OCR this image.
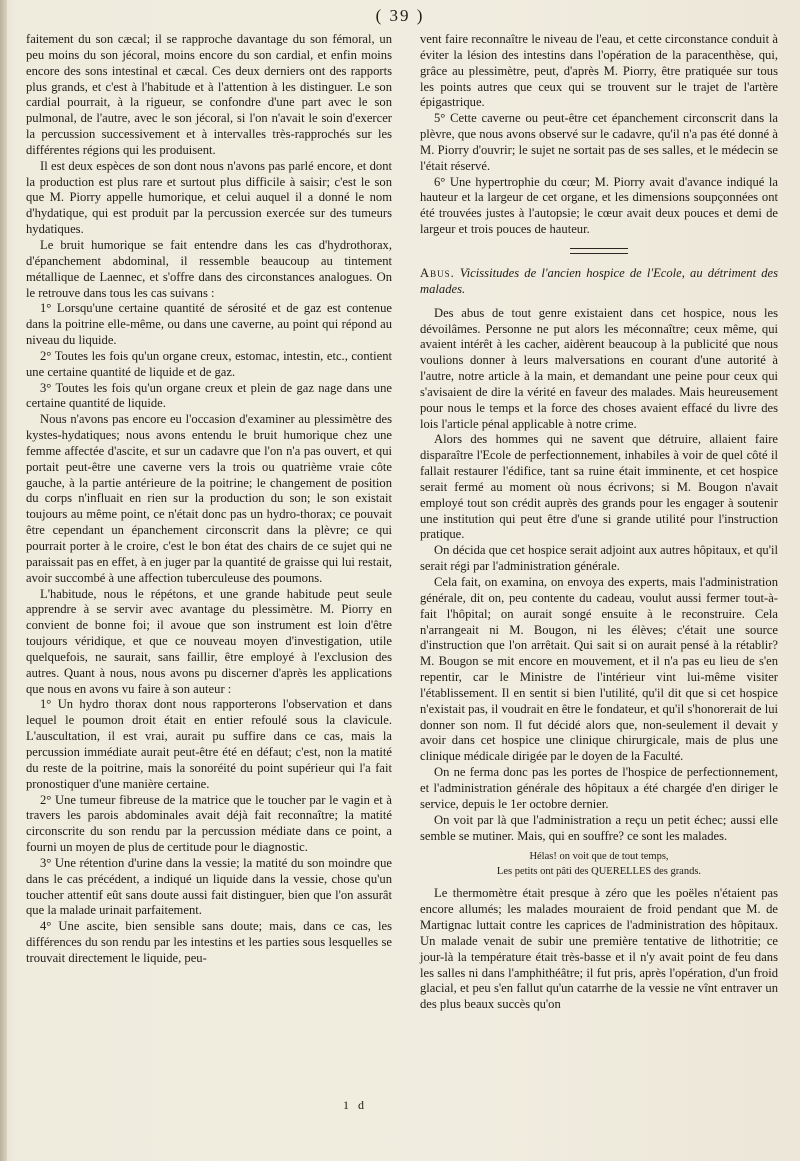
( 39 )

faitement du son cæcal; il se rapproche davantage du son fémoral, un peu moins du son jécoral, moins encore du son cardial, et enfin moins encore des sons intestinal et cæcal. Ces deux derniers ont des rapports plus grands, et c'est à l'habitude et à l'attention à les distinguer. Le son cardial pourrait, à la rigueur, se confondre d'une part avec le son pulmonal, de l'autre, avec le son jécoral, si l'on n'avait le soin d'exercer la percussion successivement et à intervalles très-rapprochés sur les différentes régions qui les produisent.

Il est deux espèces de son dont nous n'avons pas parlé encore, et dont la production est plus rare et surtout plus difficile à saisir; c'est le son que M. Piorry appelle humorique, et celui auquel il a donné le nom d'hydatique, qui est produit par la percussion exercée sur des tumeurs hydatiques.

Le bruit humorique se fait entendre dans les cas d'hydrothorax, d'épanchement abdominal, il ressemble beaucoup au tintement métallique de Laennec, et s'offre dans des circonstances analogues. On le retrouve dans tous les cas suivans :

1° Lorsqu'une certaine quantité de sérosité et de gaz est contenue dans la poitrine elle-même, ou dans une caverne, au point qui répond au niveau du liquide.

2° Toutes les fois qu'un organe creux, estomac, intestin, etc., contient une certaine quantité de liquide et de gaz.

3° Toutes les fois qu'un organe creux et plein de gaz nage dans une certaine quantité de liquide.

Nous n'avons pas encore eu l'occasion d'examiner au plessimètre des kystes-hydatiques; nous avons entendu le bruit humorique chez une femme affectée d'ascite, et sur un cadavre que l'on n'a pas ouvert, et qui portait peut-être une caverne vers la trois ou quatrième vraie côte gauche, à la partie antérieure de la poitrine; le changement de position du corps n'influait en rien sur la production du son; le son existait toujours au même point, ce n'était donc pas un hydro-thorax; ce pouvait être cependant un épanchement circonscrit dans la plèvre; ce qui pourrait porter à le croire, c'est le bon état des chairs de ce sujet qui ne paraissait pas en effet, à en juger par la quantité de graisse qui lui restait, avoir succombé à une affection tuberculeuse des poumons.

L'habitude, nous le répétons, et une grande habitude peut seule apprendre à se servir avec avantage du plessimètre. M. Piorry en convient de bonne foi; il avoue que son instrument est loin d'être toujours véridique, et que ce nouveau moyen d'investigation, utile quelquefois, ne saurait, sans faillir, être employé à l'exclusion des autres. Quant à nous, nous avons pu discerner d'après les applications que nous en avons vu faire à son auteur :

1° Un hydro thorax dont nous rapporterons l'observation et dans lequel le poumon droit était en entier refoulé sous la clavicule. L'auscultation, il est vrai, aurait pu suffire dans ce cas, mais la percussion immédiate aurait peut-être été en défaut; c'est, non la matité du reste de la poitrine, mais la sonoréité du point supérieur qui l'a fait pronostiquer d'une manière certaine.

2° Une tumeur fibreuse de la matrice que le toucher par le vagin et à travers les parois abdominales avait déjà fait reconnaître; la matité circonscrite du son rendu par la percussion médiate dans ce point, a fourni un moyen de plus de certitude pour le diagnostic.

3° Une rétention d'urine dans la vessie; la matité du son moindre que dans le cas précédent, a indiqué un liquide dans la vessie, chose qu'un toucher attentif eût sans doute aussi fait distinguer, bien que l'on assurât que la malade urinait parfaitement.

4° Une ascite, bien sensible sans doute; mais, dans ce cas, les différences du son rendu par les intestins et les parties sous lesquelles se trouvait directement le liquide, peu-

vent faire reconnaître le niveau de l'eau, et cette circonstance conduit à éviter la lésion des intestins dans l'opération de la paracenthèse, qui, grâce au plessimètre, peut, d'après M. Piorry, être pratiquée sur tous les points autres que ceux qui se trouvent sur le trajet de l'artère épigastrique.

5° Cette caverne ou peut-être cet épanchement circonscrit dans la plèvre, que nous avons observé sur le cadavre, qu'il n'a pas été donné à M. Piorry d'ouvrir; le sujet ne sortait pas de ses salles, et le médecin se l'était réservé.

6° Une hypertrophie du cœur; M. Piorry avait d'avance indiqué la hauteur et la largeur de cet organe, et les dimensions soupçonnées ont été trouvées justes à l'autopsie; le cœur avait deux pouces et demi de largeur et trois pouces de hauteur.

Abus. Vicissitudes de l'ancien hospice de l'Ecole, au détriment des malades.

Des abus de tout genre existaient dans cet hospice, nous les dévoilâmes. Personne ne put alors les méconnaître; ceux même, qui avaient intérêt à les cacher, aidèrent beaucoup à la publicité que nous voulions donner à leurs malversations en courant d'une autorité à l'autre, notre article à la main, et demandant une peine pour ceux qui s'avisaient de dire la vérité en faveur des malades. Mais heureusement pour nous le temps et la force des choses avaient effacé du livre des lois l'article pénal applicable à notre crime.

Alors des hommes qui ne savent que détruire, allaient faire disparaître l'Ecole de perfectionnement, inhabiles à voir de quel côté il fallait restaurer l'édifice, tant sa ruine était imminente, et cet hospice serait fermé au moment où nous écrivons; si M. Bougon n'avait employé tout son crédit auprès des grands pour les engager à soutenir une institution qui peut être d'une si grande utilité pour l'instruction pratique.

On décida que cet hospice serait adjoint aux autres hôpitaux, et qu'il serait régi par l'administration générale.

Cela fait, on examina, on envoya des experts, mais l'administration générale, dit on, peu contente du cadeau, voulut aussi fermer tout-à-fait l'hôpital; on aurait songé ensuite à le reconstruire. Cela n'arrangeait ni M. Bougon, ni les élèves; c'était une source d'instruction que l'on arrêtait. Qui sait si on aurait pensé à la rétablir? M. Bougon se mit encore en mouvement, et il n'a pas eu lieu de s'en repentir, car le Ministre de l'intérieur vint lui-même visiter l'établissement. Il en sentit si bien l'utilité, qu'il dit que si cet hospice n'existait pas, il voudrait en être le fondateur, et qu'il s'honorerait de lui donner son nom. Il fut décidé alors que, non-seulement il devait y avoir dans cet hospice une clinique chirurgicale, mais de plus une clinique médicale dirigée par le doyen de la Faculté.

On ne ferma donc pas les portes de l'hospice de perfectionnement, et l'administration générale des hôpitaux a été chargée d'en diriger le service, depuis le 1er octobre dernier.

On voit par là que l'administration a reçu un petit échec; aussi elle semble se mutiner. Mais, qui en souffre? ce sont les malades.

Hélas! on voit que de tout temps,

Les petits ont pâti des QUERELLES des grands.

Le thermomètre était presque à zéro que les poëles n'étaient pas encore allumés; les malades mouraient de froid pendant que M. de Martignac luttait contre les caprices de l'administration des hôpitaux. Un malade venait de subir une première tentative de lithotritie; ce jour-là la température était très-basse et il n'y avait point de feu dans les salles ni dans l'amphithéâtre; il fut pris, après l'opération, d'un froid glacial, et peu s'en fallut qu'un catarrhe de la vessie ne vînt entraver un des plus beaux succès qu'on

1 d
